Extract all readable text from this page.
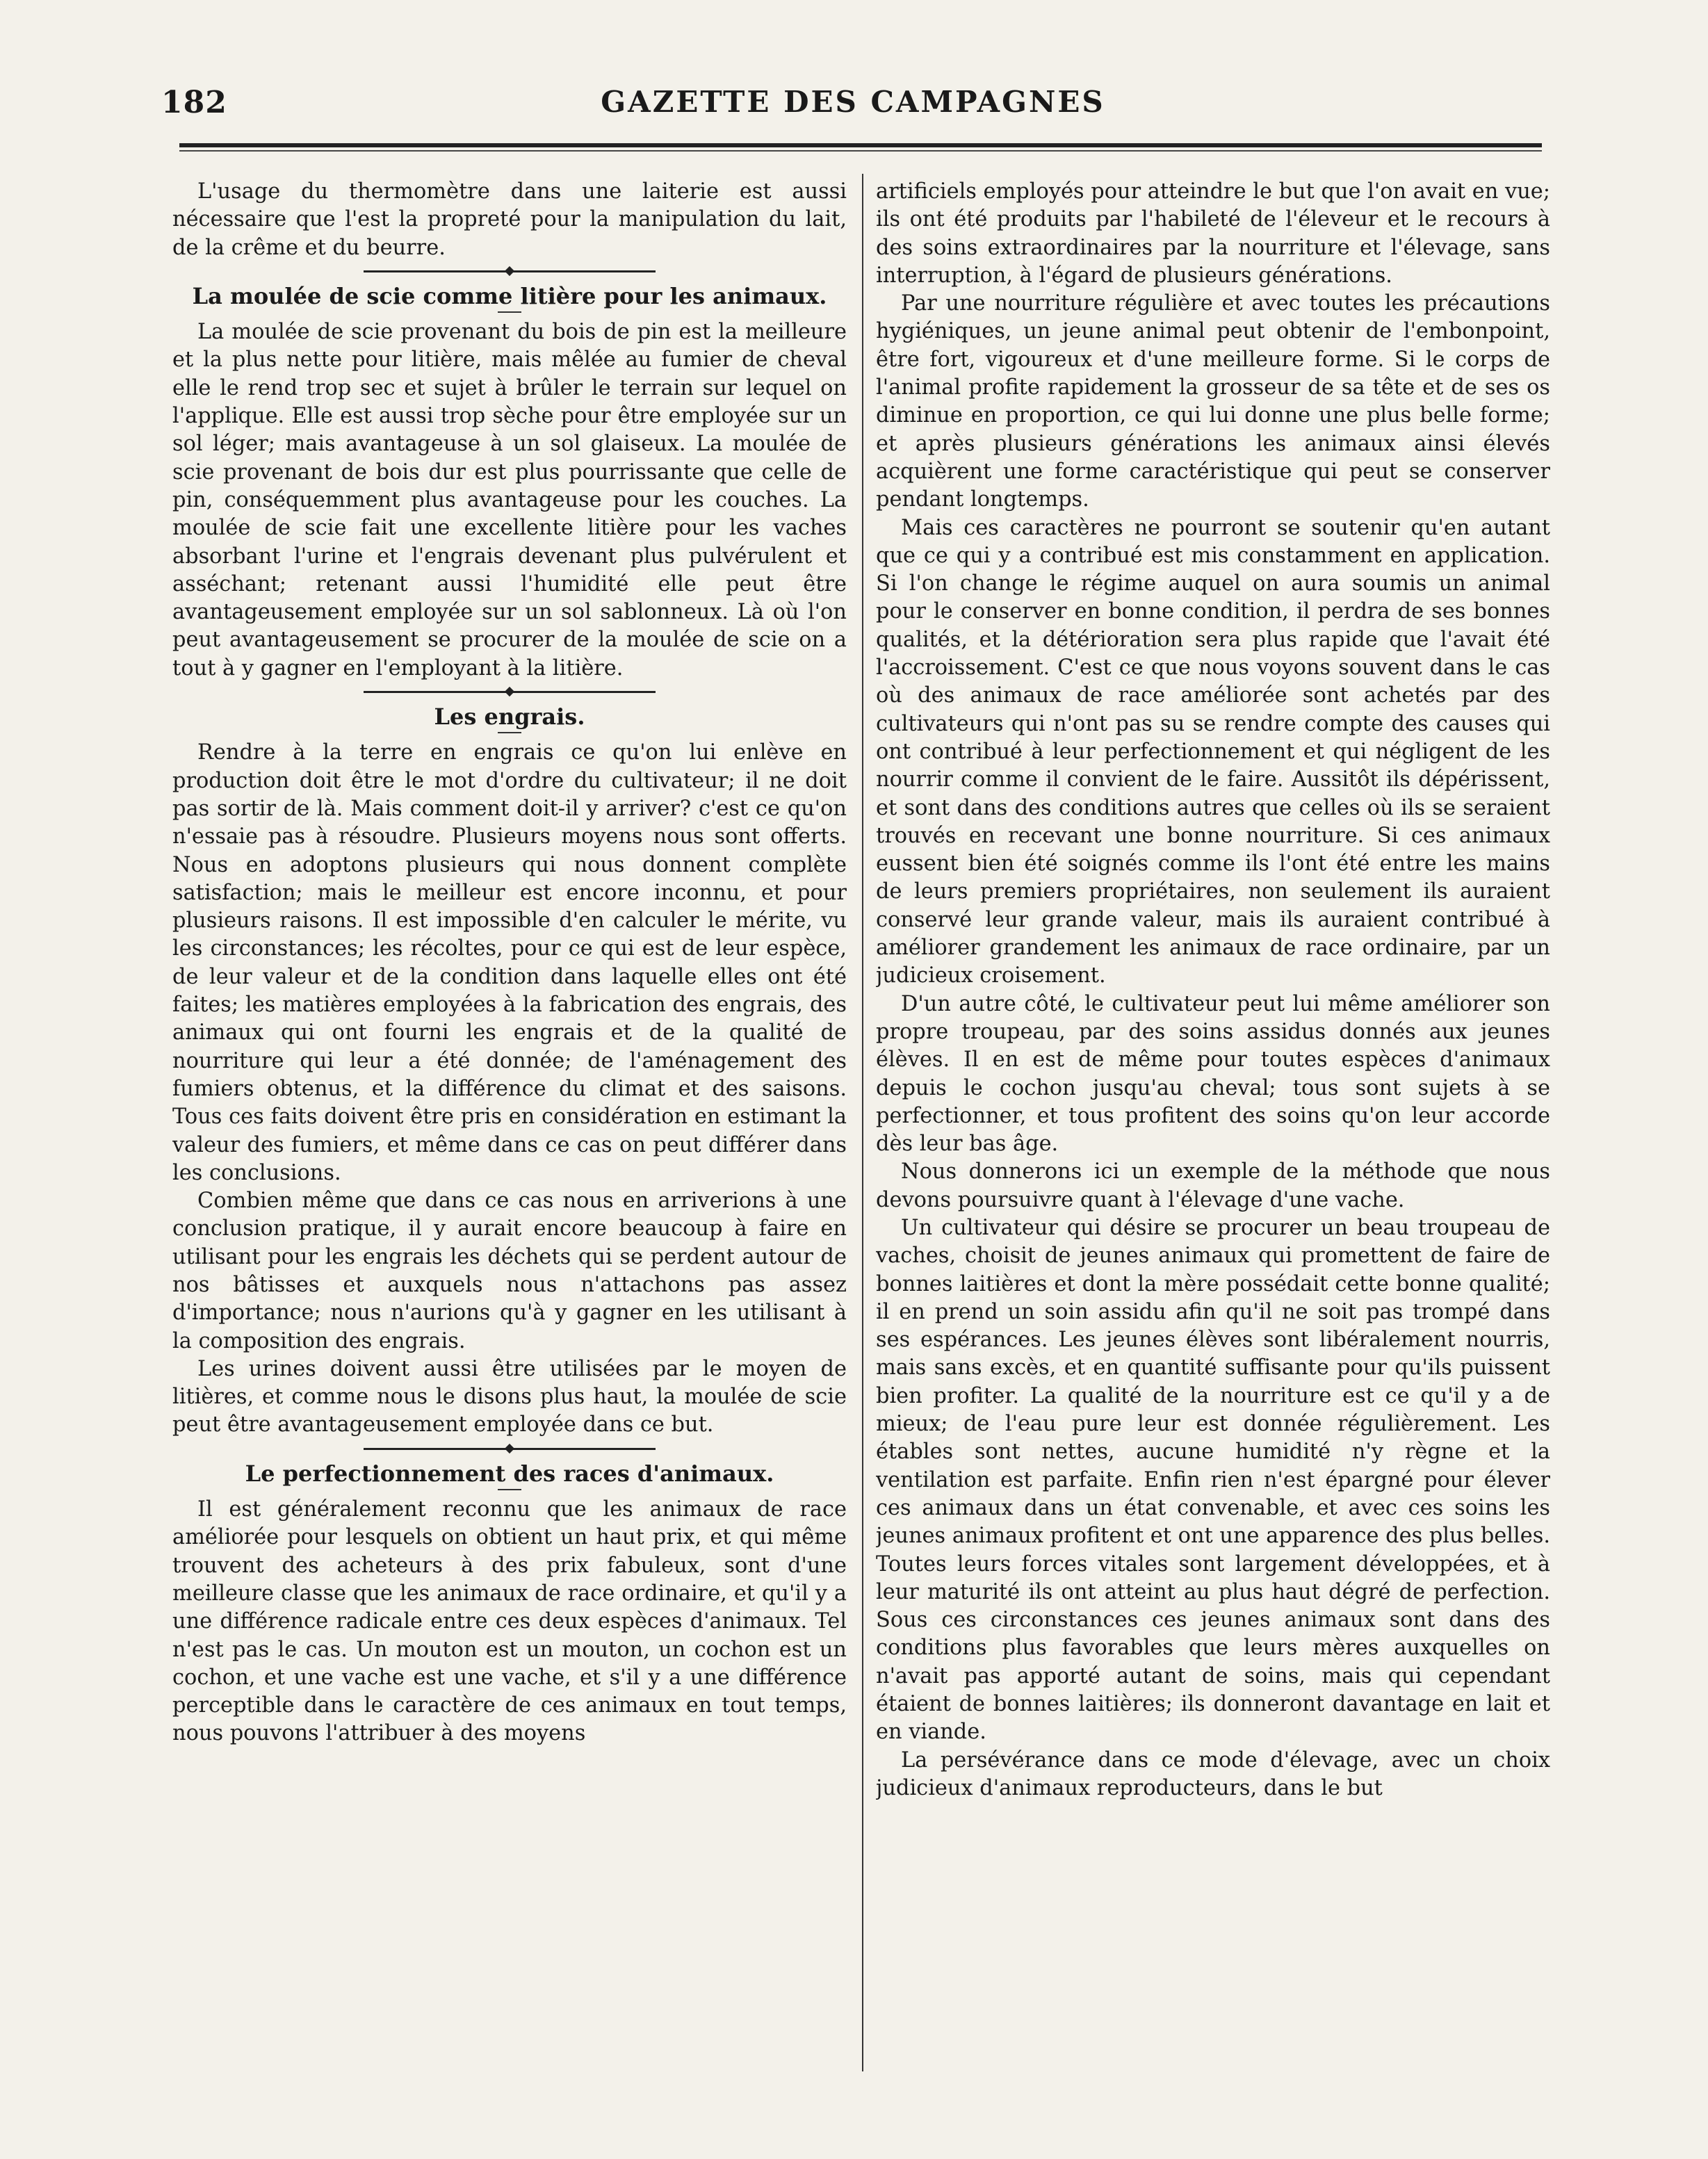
182	GAZETTE DES CAMPAGNES

L'usage du thermomètre dans une laiterie est aussi nécessaire que l'est la propreté pour la manipulation du lait, de la crême et du beurre.

La moulée de scie comme litière pour les animaux.

La moulée de scie provenant du bois de pin est la meilleure et la plus nette pour litière, mais mêlée au fumier de cheval elle le rend trop sec et sujet à brûler le terrain sur lequel on l'applique. Elle est aussi trop sèche pour être employée sur un sol léger; mais avantageuse à un sol glaiseux. La moulée de scie provenant de bois dur est plus pourrissante que celle de pin, conséquemment plus avantageuse pour les couches. La moulée de scie fait une excellente litière pour les vaches absorbant l'urine et l'engrais devenant plus pulvérulent et asséchant; retenant aussi l'humidité elle peut être avantageusement employée sur un sol sablonneux. Là où l'on peut avantageusement se procurer de la moulée de scie on a tout à y gagner en l'employant à la litière.

Les engrais.

Rendre à la terre en engrais ce qu'on lui enlève en production doit être le mot d'ordre du cultivateur; il ne doit pas sortir de là. Mais comment doit-il y arriver? c'est ce qu'on n'essaie pas à résoudre. Plusieurs moyens nous sont offerts. Nous en adoptons plusieurs qui nous donnent complète satisfaction; mais le meilleur est encore inconnu, et pour plusieurs raisons. Il est impossible d'en calculer le mérite, vu les circonstances; les récoltes, pour ce qui est de leur espèce, de leur valeur et de la condition dans laquelle elles ont été faites; les matières employées à la fabrication des engrais, des animaux qui ont fourni les engrais et de la qualité de nourriture qui leur a été donnée; de l'aménagement des fumiers obtenus, et la différence du climat et des saisons. Tous ces faits doivent être pris en considération en estimant la valeur des fumiers, et même dans ce cas on peut différer dans les conclusions.

Combien même que dans ce cas nous en arriverions à une conclusion pratique, il y aurait encore beaucoup à faire en utilisant pour les engrais les déchets qui se perdent autour de nos bâtisses et auxquels nous n'attachons pas assez d'importance; nous n'aurions qu'à y gagner en les utilisant à la composition des engrais.

Les urines doivent aussi être utilisées par le moyen de litières, et comme nous le disons plus haut, la moulée de scie peut être avantageusement employée dans ce but.

Le perfectionnement des races d'animaux.

Il est généralement reconnu que les animaux de race améliorée pour lesquels on obtient un haut prix, et qui même trouvent des acheteurs à des prix fabuleux, sont d'une meilleure classe que les animaux de race ordinaire, et qu'il y a une différence radicale entre ces deux espèces d'animaux. Tel n'est pas le cas. Un mouton est un mouton, un cochon est un cochon, et une vache est une vache, et s'il y a une différence perceptible dans le caractère de ces animaux en tout temps, nous pouvons l'attribuer à des moyens

artificiels employés pour atteindre le but que l'on avait en vue; ils ont été produits par l'habileté de l'éleveur et le recours à des soins extraordinaires par la nourriture et l'élevage, sans interruption, à l'égard de plusieurs générations.

Par une nourriture régulière et avec toutes les précautions hygiéniques, un jeune animal peut obtenir de l'embonpoint, être fort, vigoureux et d'une meilleure forme. Si le corps de l'animal profite rapidement la grosseur de sa tête et de ses os diminue en proportion, ce qui lui donne une plus belle forme; et après plusieurs générations les animaux ainsi élevés acquièrent une forme caractéristique qui peut se conserver pendant longtemps.

Mais ces caractères ne pourront se soutenir qu'en autant que ce qui y a contribué est mis constamment en application. Si l'on change le régime auquel on aura soumis un animal pour le conserver en bonne condition, il perdra de ses bonnes qualités, et la détérioration sera plus rapide que l'avait été l'accroissement. C'est ce que nous voyons souvent dans le cas où des animaux de race améliorée sont achetés par des cultivateurs qui n'ont pas su se rendre compte des causes qui ont contribué à leur perfectionnement et qui négligent de les nourrir comme il convient de le faire. Aussitôt ils dépérissent, et sont dans des conditions autres que celles où ils se seraient trouvés en recevant une bonne nourriture. Si ces animaux eussent bien été soignés comme ils l'ont été entre les mains de leurs premiers propriétaires, non seulement ils auraient conservé leur grande valeur, mais ils auraient contribué à améliorer grandement les animaux de race ordinaire, par un judicieux croisement.

D'un autre côté, le cultivateur peut lui même améliorer son propre troupeau, par des soins assidus donnés aux jeunes élèves. Il en est de même pour toutes espèces d'animaux depuis le cochon jusqu'au cheval; tous sont sujets à se perfectionner, et tous profitent des soins qu'on leur accorde dès leur bas âge.

Nous donnerons ici un exemple de la méthode que nous devons poursuivre quant à l'élevage d'une vache.

Un cultivateur qui désire se procurer un beau troupeau de vaches, choisit de jeunes animaux qui promettent de faire de bonnes laitières et dont la mère possédait cette bonne qualité; il en prend un soin assidu afin qu'il ne soit pas trompé dans ses espérances. Les jeunes élèves sont libéralement nourris, mais sans excès, et en quantité suffisante pour qu'ils puissent bien profiter. La qualité de la nourriture est ce qu'il y a de mieux; de l'eau pure leur est donnée régulièrement. Les étables sont nettes, aucune humidité n'y règne et la ventilation est parfaite. Enfin rien n'est épargné pour élever ces animaux dans un état convenable, et avec ces soins les jeunes animaux profitent et ont une apparence des plus belles. Toutes leurs forces vitales sont largement développées, et à leur maturité ils ont atteint au plus haut dégré de perfection. Sous ces circonstances ces jeunes animaux sont dans des conditions plus favorables que leurs mères auxquelles on n'avait pas apporté autant de soins, mais qui cependant étaient de bonnes laitières; ils donneront davantage en lait et en viande.

La persévérance dans ce mode d'élevage, avec un choix judicieux d'animaux reproducteurs, dans le but
